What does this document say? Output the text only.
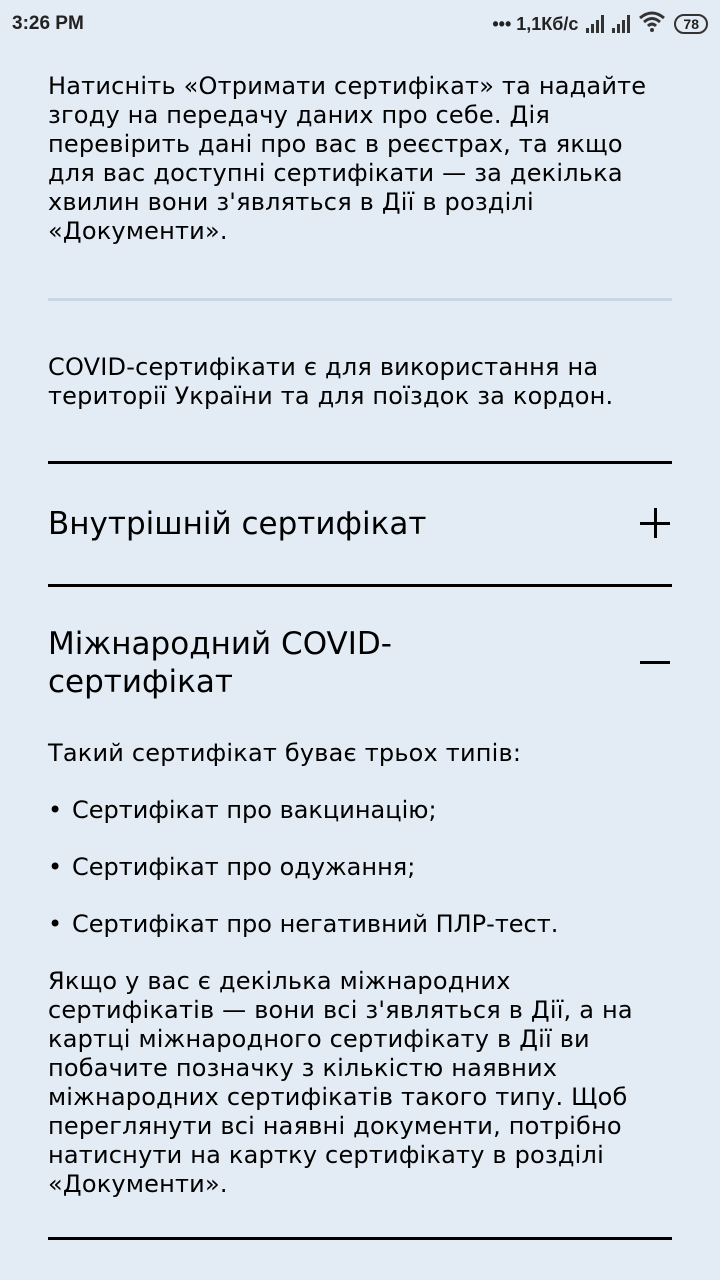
3:26 PM	••• 1,1Кб/c	78

Натисніть «Отримати сертифікат» та надайте згоду на передачу даних про себе. Дія перевірить дані про вас в реєстрах, та якщо для вас доступні сертифікати — за декілька хвилин вони з'являться в Дії в розділі «Документи».

COVID-сертифікати є для використання на території України та для поїздок за кордон.

Внутрішній сертифікат
Міжнародний COVID-сертифікат

Такий сертифікат буває трьох типів:

• Сертифікат про вакцинацію;
• Сертифікат про одужання;
• Сертифікат про негативний ПЛР-тест.

Якщо у вас є декілька міжнародних сертифікатів — вони всі з'являться в Дії, а на картці міжнародного сертифікату в Дії ви побачите позначку з кількістю наявних міжнародних сертифікатів такого типу. Щоб переглянути всі наявні документи, потрібно натиснути на картку сертифікату в розділі «Документи».
